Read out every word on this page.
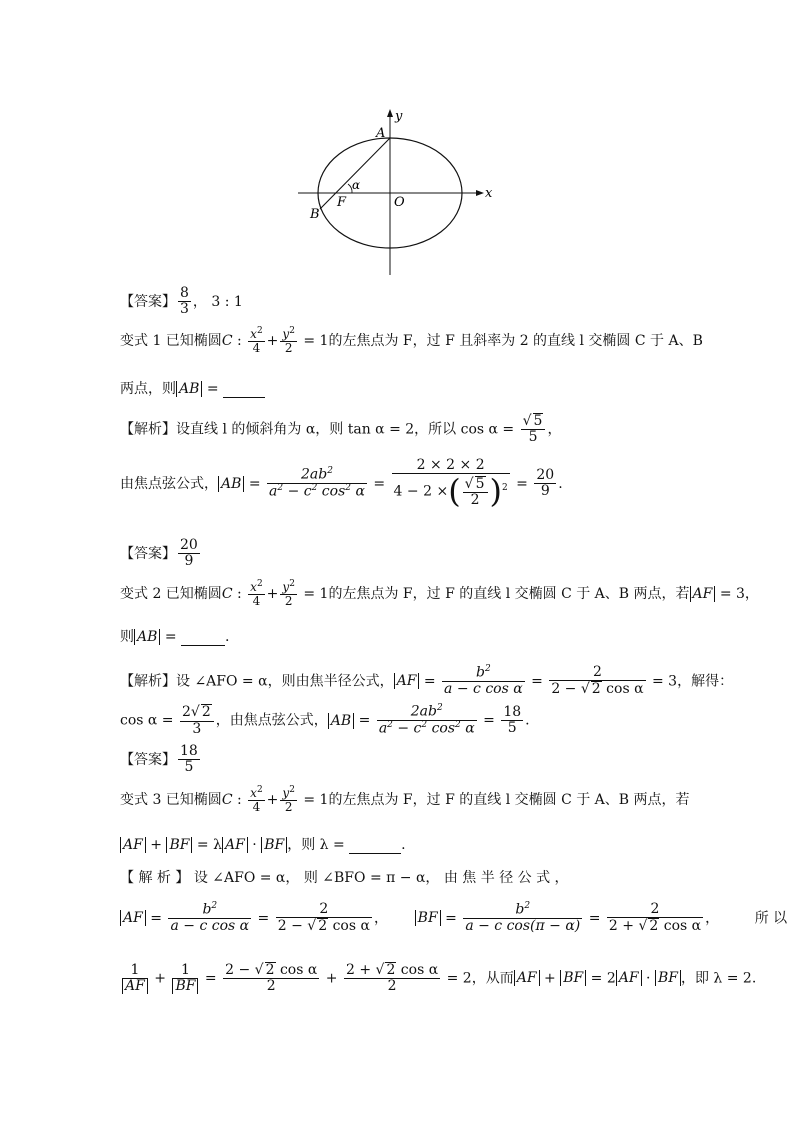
A
y
x
α
F	O
B
【答案】 $\frac{8}{3}$ ， 3 : 1
变式 1 已知椭圆C : $\frac{x^2}{4} + \frac{y^2}{2} = 1$的左焦点为 F，过 F 且斜率为 2 的直线 l 交椭圆 C 于 A、B
两点，则 AB =
【解析】设直线 l 的倾斜角为 α，则 tan α = 2，所以 $\cos \alpha = \frac{√ 5}{5}$ ，
由焦点弦公式， AB = $\frac{2ab^2}{a^2 - c^2 \cos^2 \alpha} = \frac{2 \times 2 \times 2}{4 - 2 \times( \frac{√ 5}{2} )^2} = \frac{20}{9}$ .
【答案】 $\frac{20}{9}$
变式 2 已知椭圆C : $\frac{x^2}{4} + \frac{y^2}{2} = 1$的左焦点为 F，过 F 的直线 l 交椭圆 C 于 A、B 两点，若 AF = 3，
则 AB =	.
【解析】设 ∠AFO = α，则由焦半径公式， AF = $\frac{b^2}{\text{a − c cos α}} = \frac{2}{\text{2 − √ 2 cos α}} = 3$，解得：
$\cos \alpha = \frac{2√ 2}{3}$ ，由焦点弦公式， AB = $\frac{2ab^2}{a^2 - c^2 \cos^2 \alpha} = \frac{18}{5}$ .
【答案】 $\frac{18}{5}$
变式 3 已知椭圆C : $\frac{x^2}{4} + \frac{y^2}{2} = 1$的左焦点为 F，过 F 的直线 l 交椭圆 C 于 A、B 两点，若
AF + BF = λ AF · BF ，则 λ =	.
【 解 析 】 设 ∠AFO = α， 则 ∠BFO = π − α， 由 焦 半 径 公 式 ，
AF = $\frac{b^2}{\text{a − c cos α}} = \frac{2}{\text{2 − √ 2 cos α}}$ ， BF = $\frac{b^2}{\text{a − c cos(π − α)}} = \frac{2}{\text{2 + √ 2 cos α}}$ ，        所 以
$\frac{1}{AF} + \frac{1}{BF} = \frac{\text{2 − √ 2 cos α}}{2} + \frac{\text{2 + √ 2 cos α}}{2} = 2$，从而 AF + BF = 2 AF · BF ，即 λ = 2.
